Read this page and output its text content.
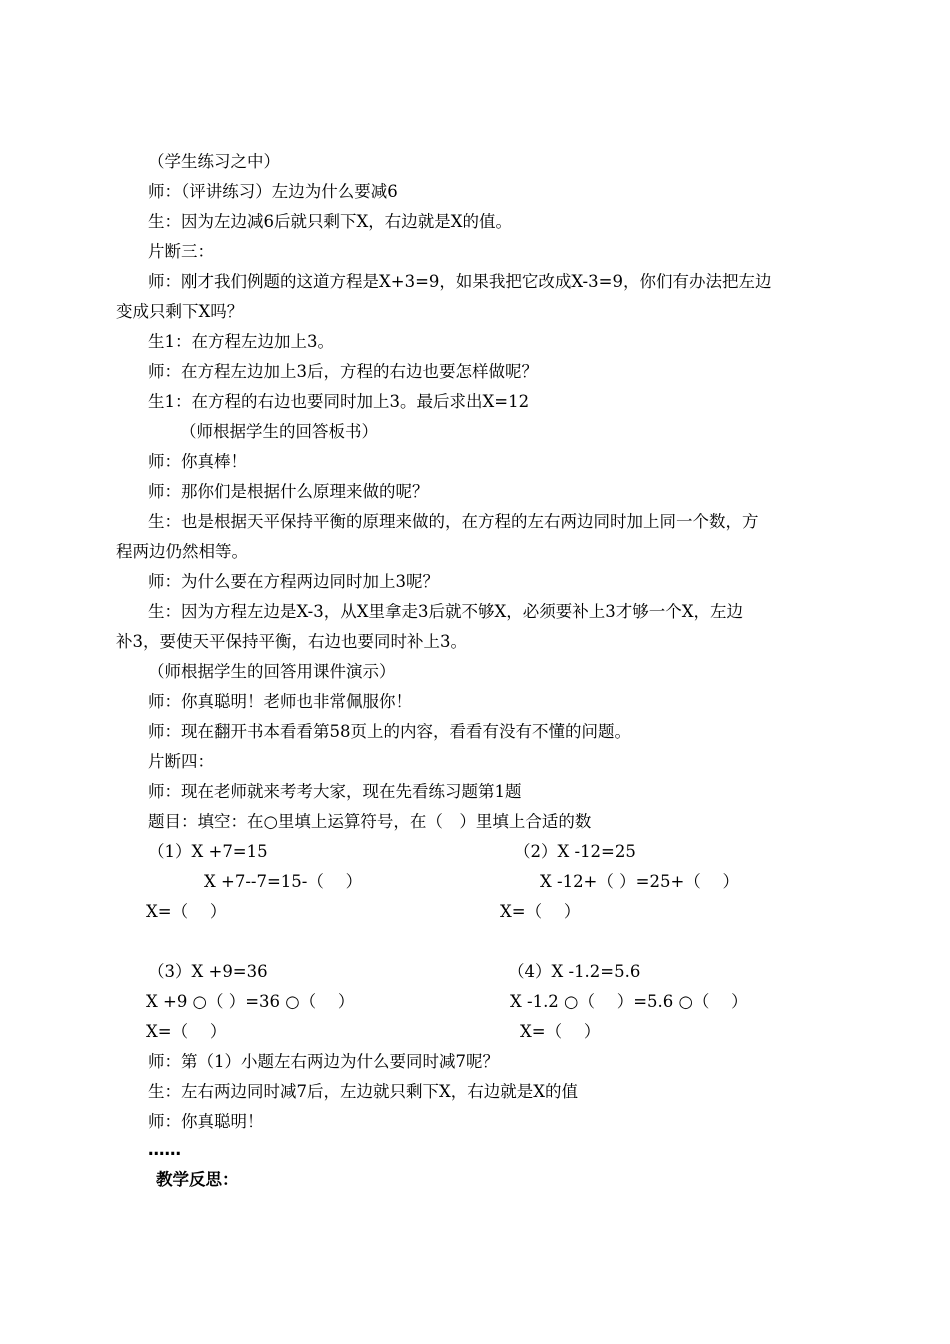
（学生练习之中）
师：（评讲练习）左边为什么要减6
生：因为左边减6后就只剩下X，右边就是X的值。
片断三：
师：刚才我们例题的这道方程是X+3=9，如果我把它改成X-3=9，你们有办法把左边
变成只剩下X吗？
生1：在方程左边加上3。
师：在方程左边加上3后，方程的右边也要怎样做呢？
生1：在方程的右边也要同时加上3。最后求出X=12
（师根据学生的回答板书）
师：你真棒！
师：那你们是根据什么原理来做的呢？
生：也是根据天平保持平衡的原理来做的，在方程的左右两边同时加上同一个数，方
程两边仍然相等。
师：为什么要在方程两边同时加上3呢？
生：因为方程左边是X-3，从X里拿走3后就不够X，必须要补上3才够一个X，左边
补3，要使天平保持平衡，右边也要同时补上3。
（师根据学生的回答用课件演示）
师：你真聪明！老师也非常佩服你！
师：现在翻开书本看看第58页上的内容，看看有没有不懂的问题。
片断四：
师：现在老师就来考考大家，现在先看练习题第1题
题目：填空：在○里填上运算符号，在（　）里填上合适的数
（1）X +7=15	（2）X -12=25
X +7--7=15-（　 ）	X -12+（ ）=25+（　 ）
X=（　 ）	X=（　 ）
（3）X +9=36	（4）X -1.2=5.6
X +9 ○（ ）=36 ○（　 ）	X -1.2 ○（　 ）=5.6 ○（　 ）
X=（　 ）	X=（　 ）
师：第（1）小题左右两边为什么要同时减7呢？
生：左右两边同时减7后，左边就只剩下X，右边就是X的值
师：你真聪明！
……
教学反思：
